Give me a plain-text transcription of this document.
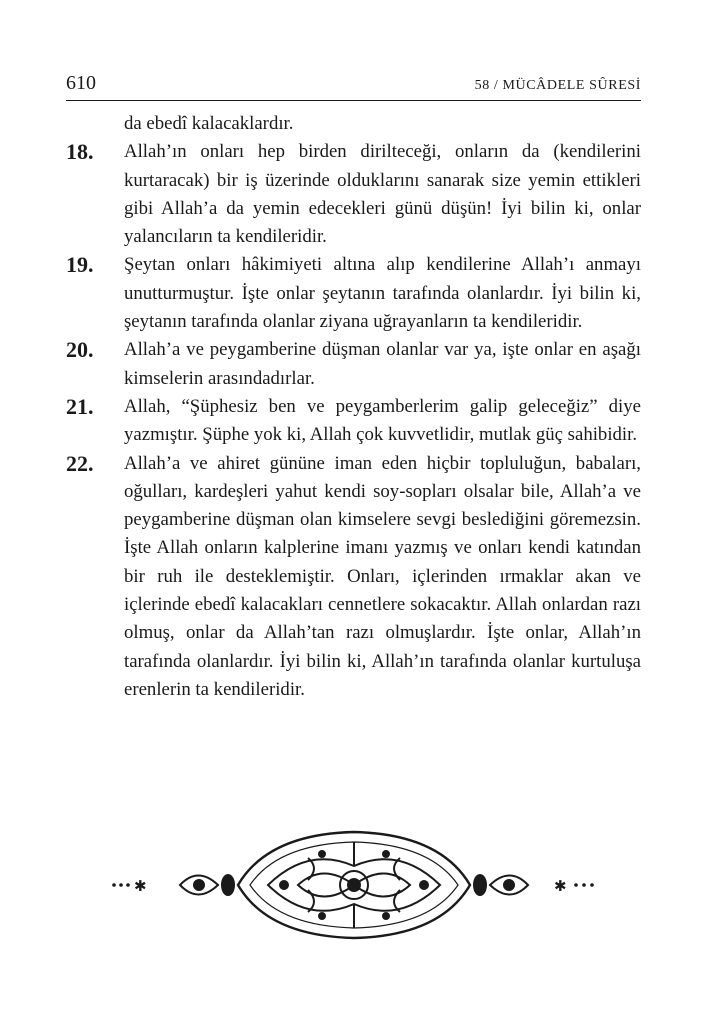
610	58 / MÜCÂDELE SÛRESİ
da ebedî kalacaklardır.
18. Allah’ın onları hep birden dirilteceği, onların da (kendilerini kurtaracak) bir iş üzerinde olduklarını sanarak size yemin ettikleri gibi Allah’a da yemin edecekleri günü düşün! İyi bilin ki, onlar yalancıların ta kendileridir.
19. Şeytan onları hâkimiyeti altına alıp kendilerine Allah’ı anmayı unutturmuştur. İşte onlar şeytanın tarafında olanlardır. İyi bilin ki, şeytanın tarafında olanlar ziyana uğrayanların ta kendileridir.
20. Allah’a ve peygamberine düşman olanlar var ya, işte onlar en aşağı kimselerin arasındadırlar.
21. Allah, “Şüphesiz ben ve peygamberlerim galip geleceğiz” diye yazmıştır. Şüphe yok ki, Allah çok kuvvetlidir, mutlak güç sahibidir.
22. Allah’a ve ahiret gününe iman eden hiçbir topluluğun, babaları, oğulları, kardeşleri yahut kendi soy-sopları olsalar bile, Allah’a ve peygamberine düşman olan kimselere sevgi beslediğini göremezsin. İşte Allah onların kalplerine imanı yazmış ve onları kendi katından bir ruh ile desteklemiştir. Onları, içlerinden ırmaklar akan ve içlerinde ebedî kalacakları cennetlere sokacaktır. Allah onlardan razı olmuş, onlar da Allah’tan razı olmuşlardır. İşte onlar, Allah’ın tarafında olanlardır. İyi bilin ki, Allah’ın tarafında olanlar kurtuluşa erenlerin ta kendileridir.
✱	✱
